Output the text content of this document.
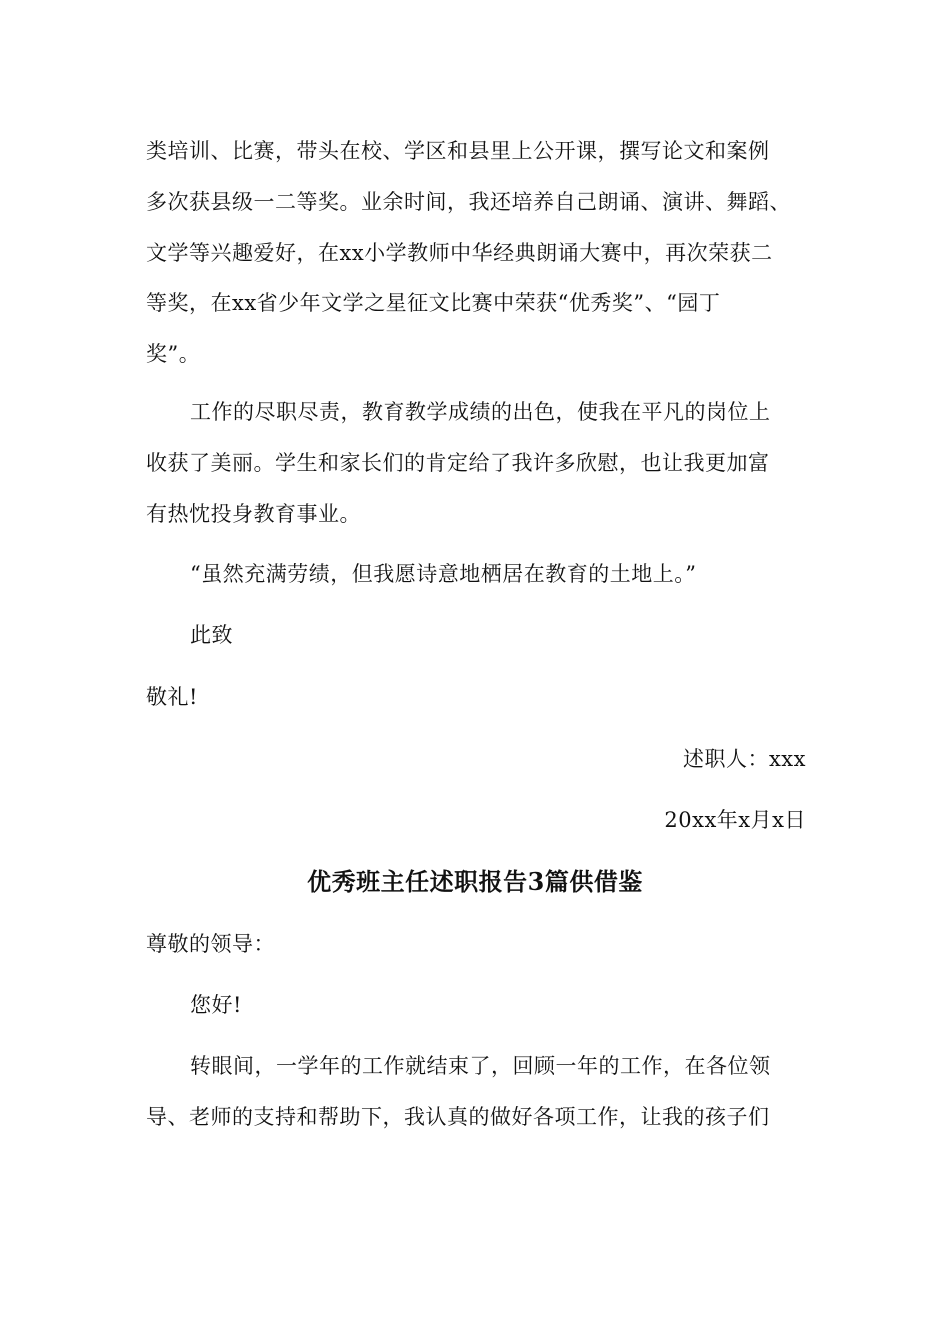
类培训、比赛，带头在校、学区和县里上公开课，撰写论文和案例
多次获县级一二等奖。业余时间，我还培养自己朗诵、演讲、舞蹈、
文学等兴趣爱好，在xx小学教师中华经典朗诵大赛中，再次荣获二
等奖，在xx省少年文学之星征文比赛中荣获“优秀奖”、“园丁
奖”。
工作的尽职尽责，教育教学成绩的出色，使我在平凡的岗位上
收获了美丽。学生和家长们的肯定给了我许多欣慰，也让我更加富
有热忱投身教育事业。
“虽然充满劳绩，但我愿诗意地栖居在教育的土地上。”
此致
敬礼!
述职人：xxx
20xx年x月x日
优秀班主任述职报告3篇供借鉴
尊敬的领导：
您好!
转眼间，一学年的工作就结束了，回顾一年的工作，在各位领
导、老师的支持和帮助下，我认真的做好各项工作，让我的孩子们
